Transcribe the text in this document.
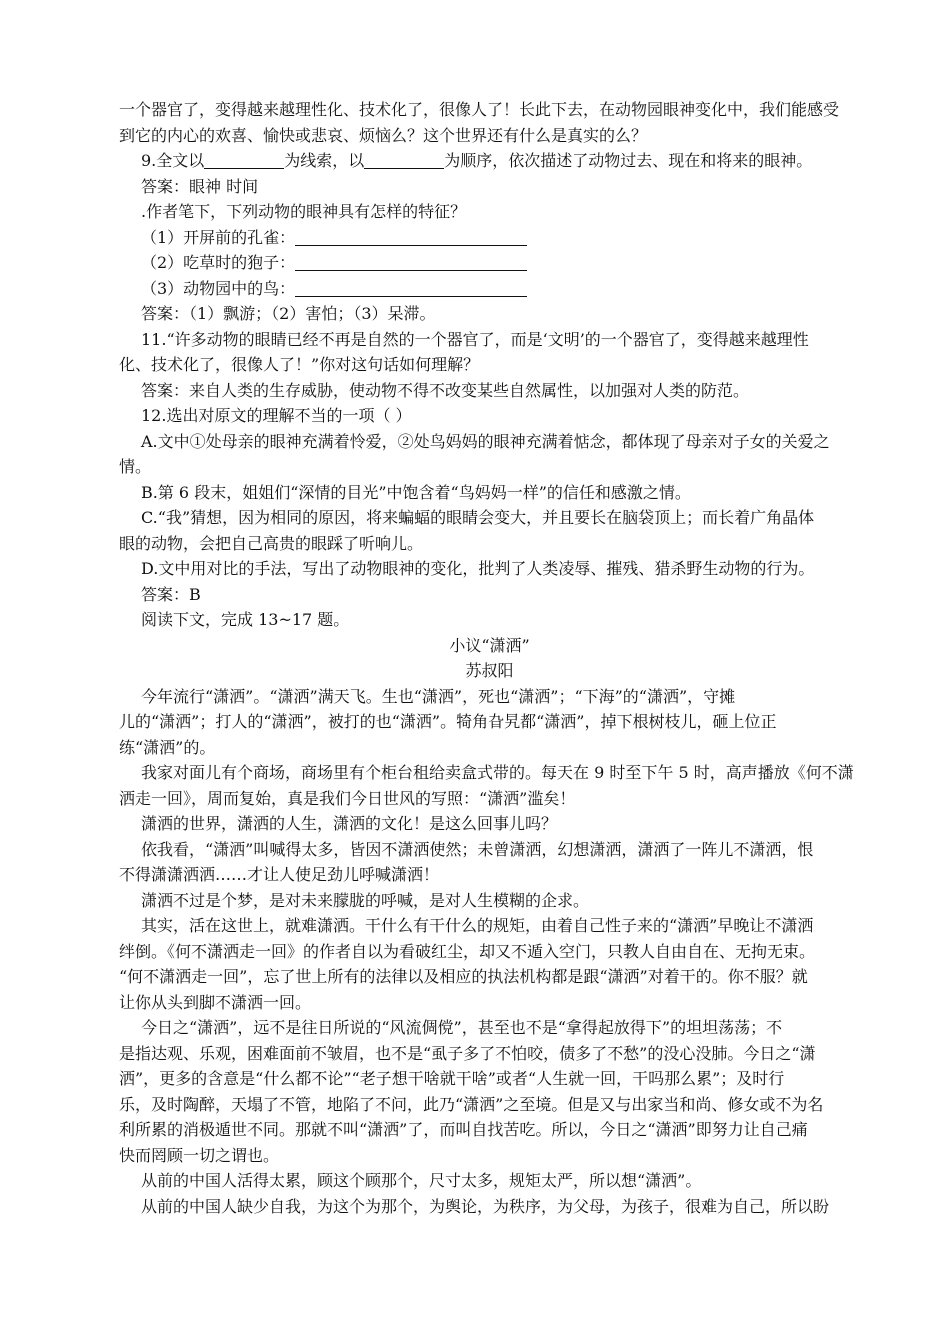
一个器官了，变得越来越理性化、技术化了，很像人了！长此下去，在动物园眼神变化中，我们能感受

到它的内心的欢喜、愉快或悲哀、烦恼么？这个世界还有什么是真实的么？

9.全文以	为线索，以	为顺序，依次描述了动物过去、现在和将来的眼神。

答案：眼神 时间

.作者笔下，下列动物的眼神具有怎样的特征？

（1）开屏前的孔雀：

（2）吃草时的狍子：

（3）动物园中的鸟：

答案：（1）飘游；（2）害怕；（3）呆滞。

11.“许多动物的眼睛已经不再是自然的一个器官了，而是‘文明’的一个器官了，变得越来越理性

化、技术化了，很像人了！”你对这句话如何理解？

答案：来自人类的生存威胁，使动物不得不改变某些自然属性，以加强对人类的防范。

12.选出对原文的理解不当的一项（ ）

A.文中①处母亲的眼神充满着怜爱，②处鸟妈妈的眼神充满着惦念，都体现了母亲对子女的关爱之

情。

B.第 6 段末，姐姐们“深情的目光”中饱含着“鸟妈妈一样”的信任和感激之情。

C.“我”猜想，因为相同的原因，将来蝙蝠的眼睛会变大，并且要长在脑袋顶上；而长着广角晶体

眼的动物，会把自己高贵的眼踩了听响儿。

D.文中用对比的手法，写出了动物眼神的变化，批判了人类凌辱、摧残、猎杀野生动物的行为。

答案：B

阅读下文，完成 13~17 题。

小议“潇洒”

苏叔阳

今年流行“潇洒”。“潇洒”满天飞。生也“潇洒”，死也“潇洒”；“下海”的“潇洒”，守摊

儿的“潇洒”；打人的“潇洒”，被打的也“潇洒”。犄角旮旯都“潇洒”，掉下根树枝儿，砸上位正

练“潇洒”的。

我家对面儿有个商场，商场里有个柜台租给卖盒式带的。每天在 9 时至下午 5 时，高声播放《何不潇

洒走一回》，周而复始，真是我们今日世风的写照：“潇洒”滥矣！

潇洒的世界，潇洒的人生，潇洒的文化！是这么回事儿吗？

依我看，“潇洒”叫喊得太多，皆因不潇洒使然；未曾潇洒，幻想潇洒，潇洒了一阵儿不潇洒，恨

不得潇潇洒洒……才让人使足劲儿呼喊潇洒！

潇洒不过是个梦，是对未来朦胧的呼喊，是对人生模糊的企求。

其实，活在这世上，就难潇洒。干什么有干什么的规矩，由着自己性子来的“潇洒”早晚让不潇洒

绊倒。《何不潇洒走一回》的作者自以为看破红尘，却又不遁入空门，只教人自由自在、无拘无束。

“何不潇洒走一回”，忘了世上所有的法律以及相应的执法机构都是跟“潇洒”对着干的。你不服？就

让你从头到脚不潇洒一回。

今日之“潇洒”，远不是往日所说的“风流倜傥”，甚至也不是“拿得起放得下”的坦坦荡荡；不

是指达观、乐观，困难面前不皱眉，也不是“虱子多了不怕咬，债多了不愁”的没心没肺。今日之“潇

洒”，更多的含意是“什么都不论”“老子想干啥就干啥”或者“人生就一回，干吗那么累”；及时行

乐，及时陶醉，天塌了不管，地陷了不问，此乃“潇洒”之至境。但是又与出家当和尚、修女或不为名

利所累的消极遁世不同。那就不叫“潇洒”了，而叫自找苦吃。所以，今日之“潇洒”即努力让自己痛

快而罔顾一切之谓也。

从前的中国人活得太累，顾这个顾那个，尺寸太多，规矩太严，所以想“潇洒”。

从前的中国人缺少自我，为这个为那个，为舆论，为秩序，为父母，为孩子，很难为自己，所以盼
